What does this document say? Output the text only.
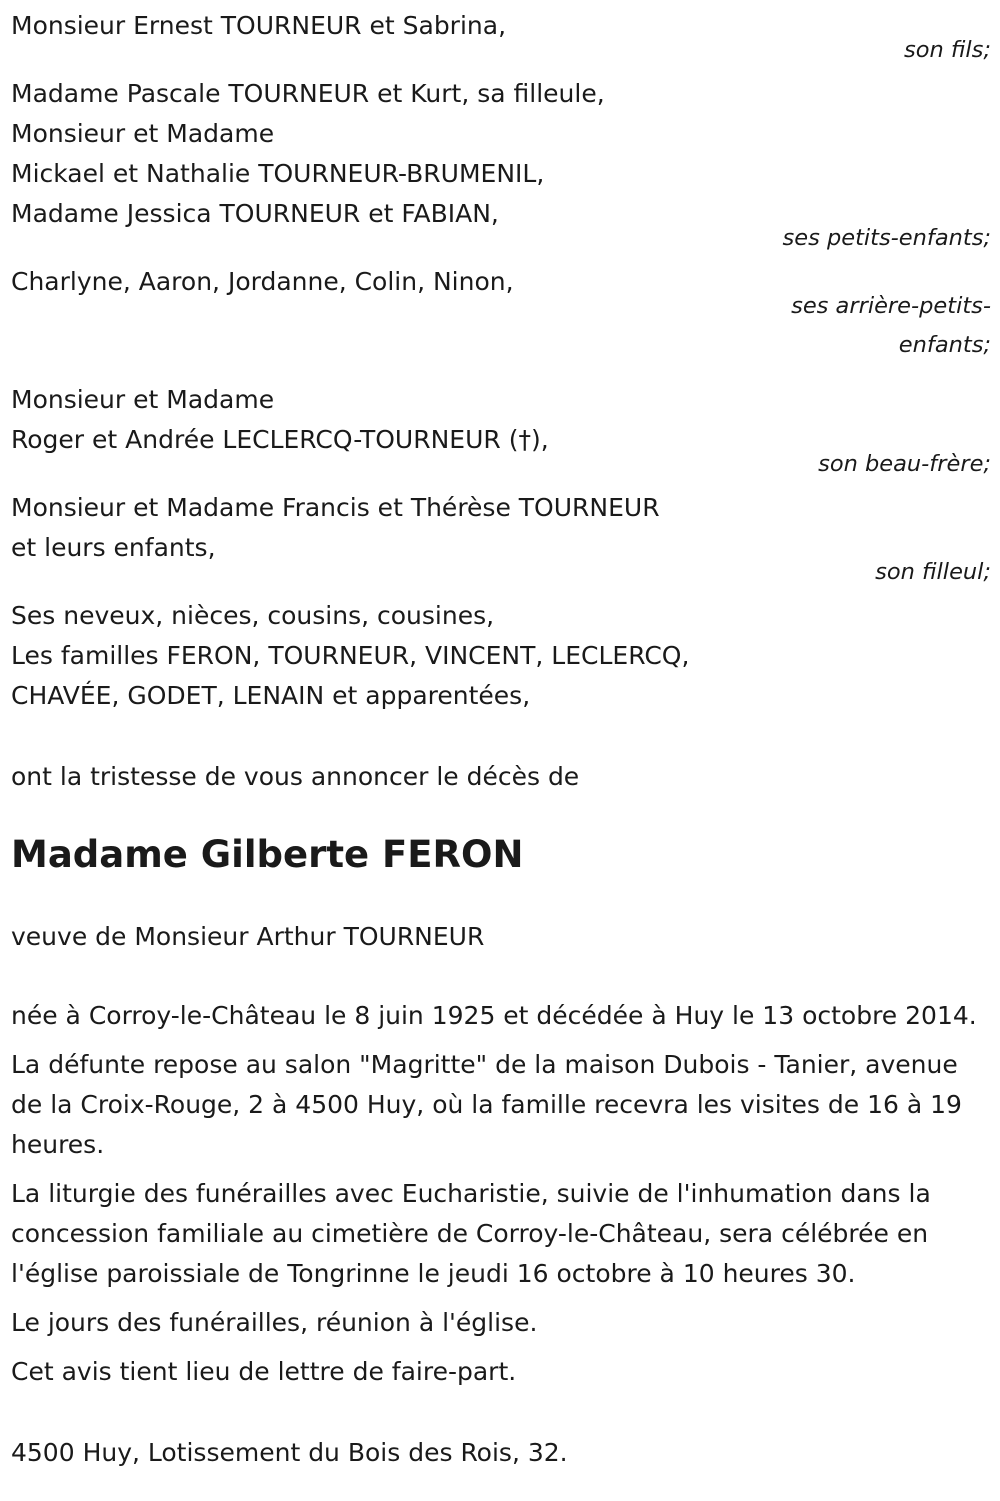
Monsieur Ernest TOURNEUR et Sabrina,
son fils;
Madame Pascale TOURNEUR et Kurt, sa filleule,
Monsieur et Madame
Mickael et Nathalie TOURNEUR-BRUMENIL,
Madame Jessica TOURNEUR et FABIAN,
ses petits-enfants;
Charlyne, Aaron, Jordanne, Colin, Ninon,
ses arrière-petits-
enfants;
Monsieur et Madame
Roger et Andrée LECLERCQ-TOURNEUR (†),
son beau-frère;
Monsieur et Madame Francis et Thérèse TOURNEUR
et leurs enfants,
son filleul;
Ses neveux, nièces, cousins, cousines,
Les familles FERON, TOURNEUR, VINCENT, LECLERCQ,
CHAVÉE, GODET, LENAIN et apparentées,
ont la tristesse de vous annoncer le décès de
Madame Gilberte FERON
veuve de Monsieur Arthur TOURNEUR
née à Corroy-le-Château le 8 juin 1925 et décédée à Huy le 13 octobre 2014.
La défunte repose au salon "Magritte" de la maison Dubois - Tanier, avenue de la Croix-Rouge, 2 à 4500 Huy, où la famille recevra les visites de 16 à 19 heures.
La liturgie des funérailles avec Eucharistie, suivie de l'inhumation dans la concession familiale au cimetière de Corroy-le-Château, sera célébrée en l'église paroissiale de Tongrinne le jeudi 16 octobre à 10 heures 30.
Le jours des funérailles, réunion à l'église.
Cet avis tient lieu de lettre de faire-part.
4500 Huy, Lotissement du Bois des Rois, 32.
